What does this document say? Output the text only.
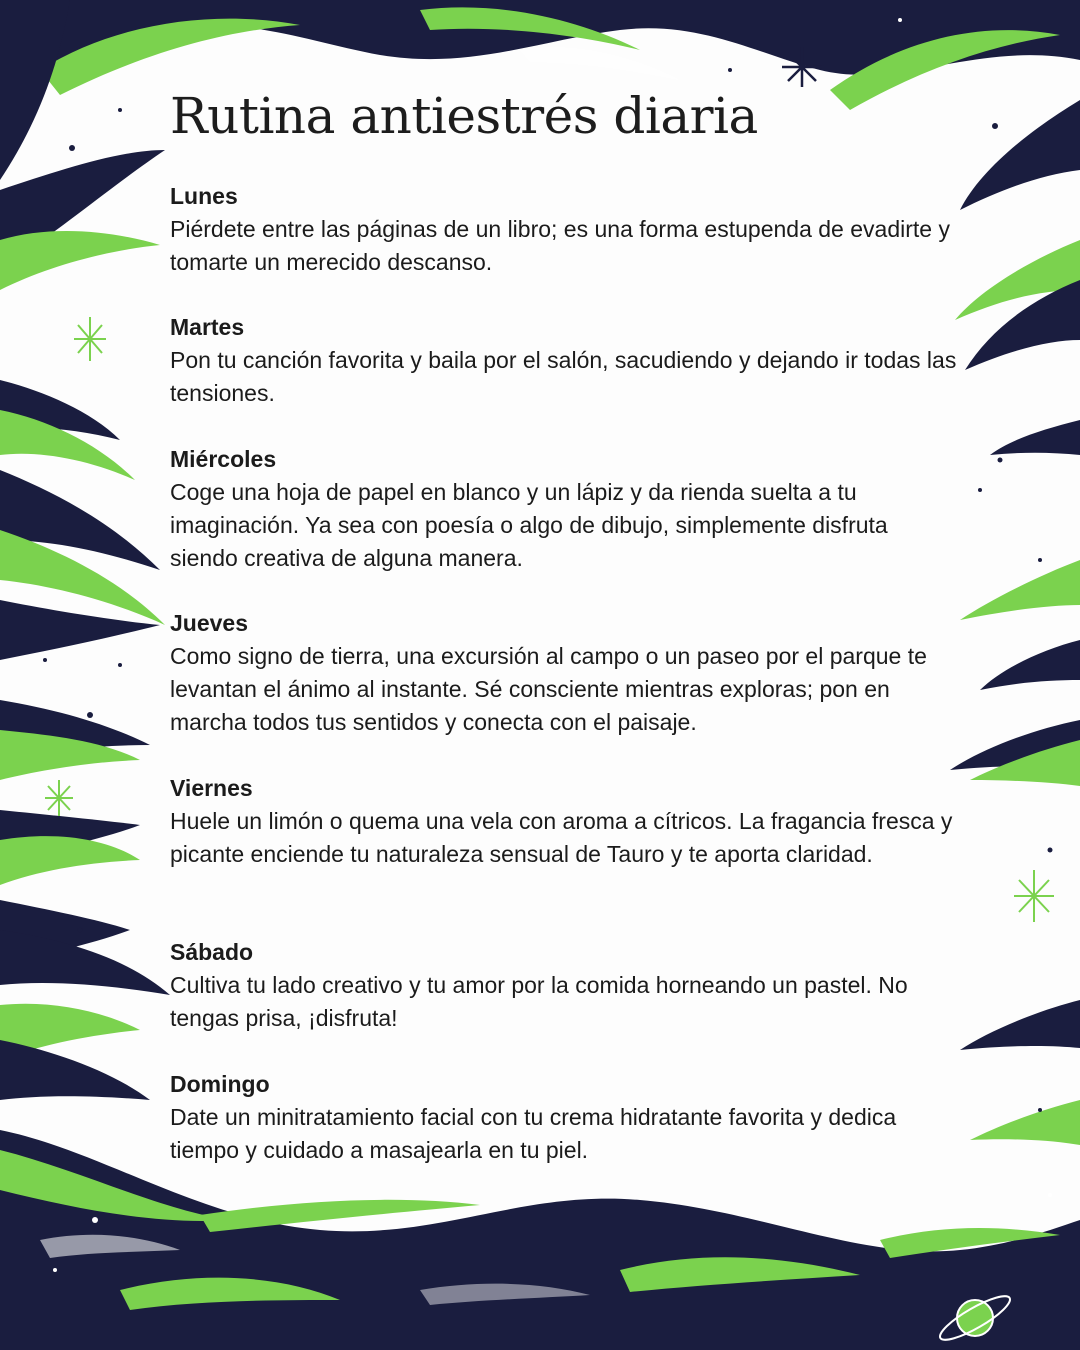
Rutina antiestrés diaria
Lunes
Piérdete entre las páginas de un libro; es una forma estupenda de evadirte y tomarte un merecido descanso.
Martes
Pon tu canción favorita y baila por el salón, sacudiendo y dejando ir todas las tensiones.
Miércoles
Coge una hoja de papel en blanco y un lápiz y da rienda suelta a tu imaginación. Ya sea con poesía o algo de dibujo, simplemente disfruta siendo creativa de alguna manera.
Jueves
Como signo de tierra, una excursión al campo o un paseo por el parque te levantan el ánimo al instante. Sé consciente mientras exploras; pon en marcha todos tus sentidos y conecta con el paisaje.
Viernes
Huele un limón o quema una vela con aroma a cítricos. La fragancia fresca y picante enciende tu naturaleza sensual de Tauro y te aporta claridad.
Sábado
Cultiva tu lado creativo y tu amor por la comida horneando un pastel. No tengas prisa, ¡disfruta!
Domingo
Date un minitratamiento facial con tu crema hidratante favorita y dedica tiempo y cuidado a masajearla en tu piel.
